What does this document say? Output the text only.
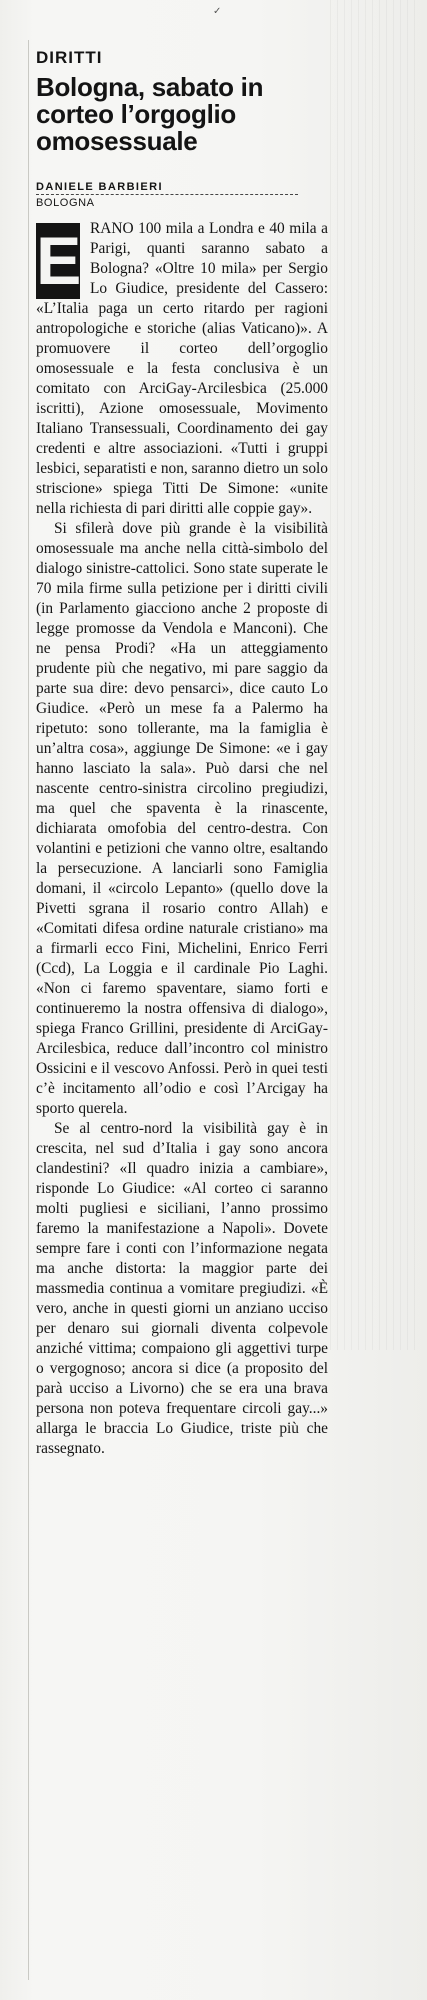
✓

DIRITTI

Bologna, sabato in corteo l’orgoglio omosessuale
DANIELE BARBIERI
BOLOGNA

E RANO 100 mila a Londra e 40 mila a Parigi, quanti saranno sabato a Bologna? «Oltre 10 mila» per Sergio Lo Giudice, presidente del Cassero: «L’Italia paga un certo ritardo per ragioni antropologiche e storiche (alias Vaticano)». A promuovere il corteo dell’orgoglio omosessuale e la festa conclusiva è un comitato con ArciGay-Arcilesbica (25.000 iscritti), Azione omosessuale, Movimento Italiano Transessuali, Coordinamento dei gay credenti e altre associazioni. «Tutti i gruppi lesbici, separatisti e non, saranno dietro un solo striscione» spiega Titti De Simone: «unite nella richiesta di pari diritti alle coppie gay».

Si sfilerà dove più grande è la visibilità omosessuale ma anche nella città-simbolo del dialogo sinistre-cattolici. Sono state superate le 70 mila firme sulla petizione per i diritti civili (in Parlamento giacciono anche 2 proposte di legge promosse da Vendola e Manconi). Che ne pensa Prodi? «Ha un atteggiamento prudente più che negativo, mi pare saggio da parte sua dire: devo pensarci», dice cauto Lo Giudice. «Però un mese fa a Palermo ha ripetuto: sono tollerante, ma la famiglia è un’altra cosa», aggiunge De Simone: «e i gay hanno lasciato la sala». Può darsi che nel nascente centro-sinistra circolino pregiudizi, ma quel che spaventa è la rinascente, dichiarata omofobia del centro-destra. Con volantini e petizioni che vanno oltre, esaltando la persecuzione. A lanciarli sono Famiglia domani, il «circolo Lepanto» (quello dove la Pivetti sgrana il rosario contro Allah) e «Comitati difesa ordine naturale cristiano» ma a firmarli ecco Fini, Michelini, Enrico Ferri (Ccd), La Loggia e il cardinale Pio Laghi. «Non ci faremo spaventare, siamo forti e continueremo la nostra offensiva di dialogo», spiega Franco Grillini, presidente di ArciGay-Arcilesbica, reduce dall’incontro col ministro Ossicini e il vescovo Anfossi. Però in quei testi c’è incitamento all’odio e così l’Arcigay ha sporto querela.

Se al centro-nord la visibilità gay è in crescita, nel sud d’Italia i gay sono ancora clandestini? «Il quadro inizia a cambiare», risponde Lo Giudice: «Al corteo ci saranno molti pugliesi e siciliani, l’anno prossimo faremo la manifestazione a Napoli». Dovete sempre fare i conti con l’informazione negata ma anche distorta: la maggior parte dei massmedia continua a vomitare pregiudizi. «È vero, anche in questi giorni un anziano ucciso per denaro sui giornali diventa colpevole anziché vittima; compaiono gli aggettivi turpe o vergognoso; ancora si dice (a proposito del parà ucciso a Livorno) che se era una brava persona non poteva frequentare circoli gay...» allarga le braccia Lo Giudice, triste più che rassegnato.
